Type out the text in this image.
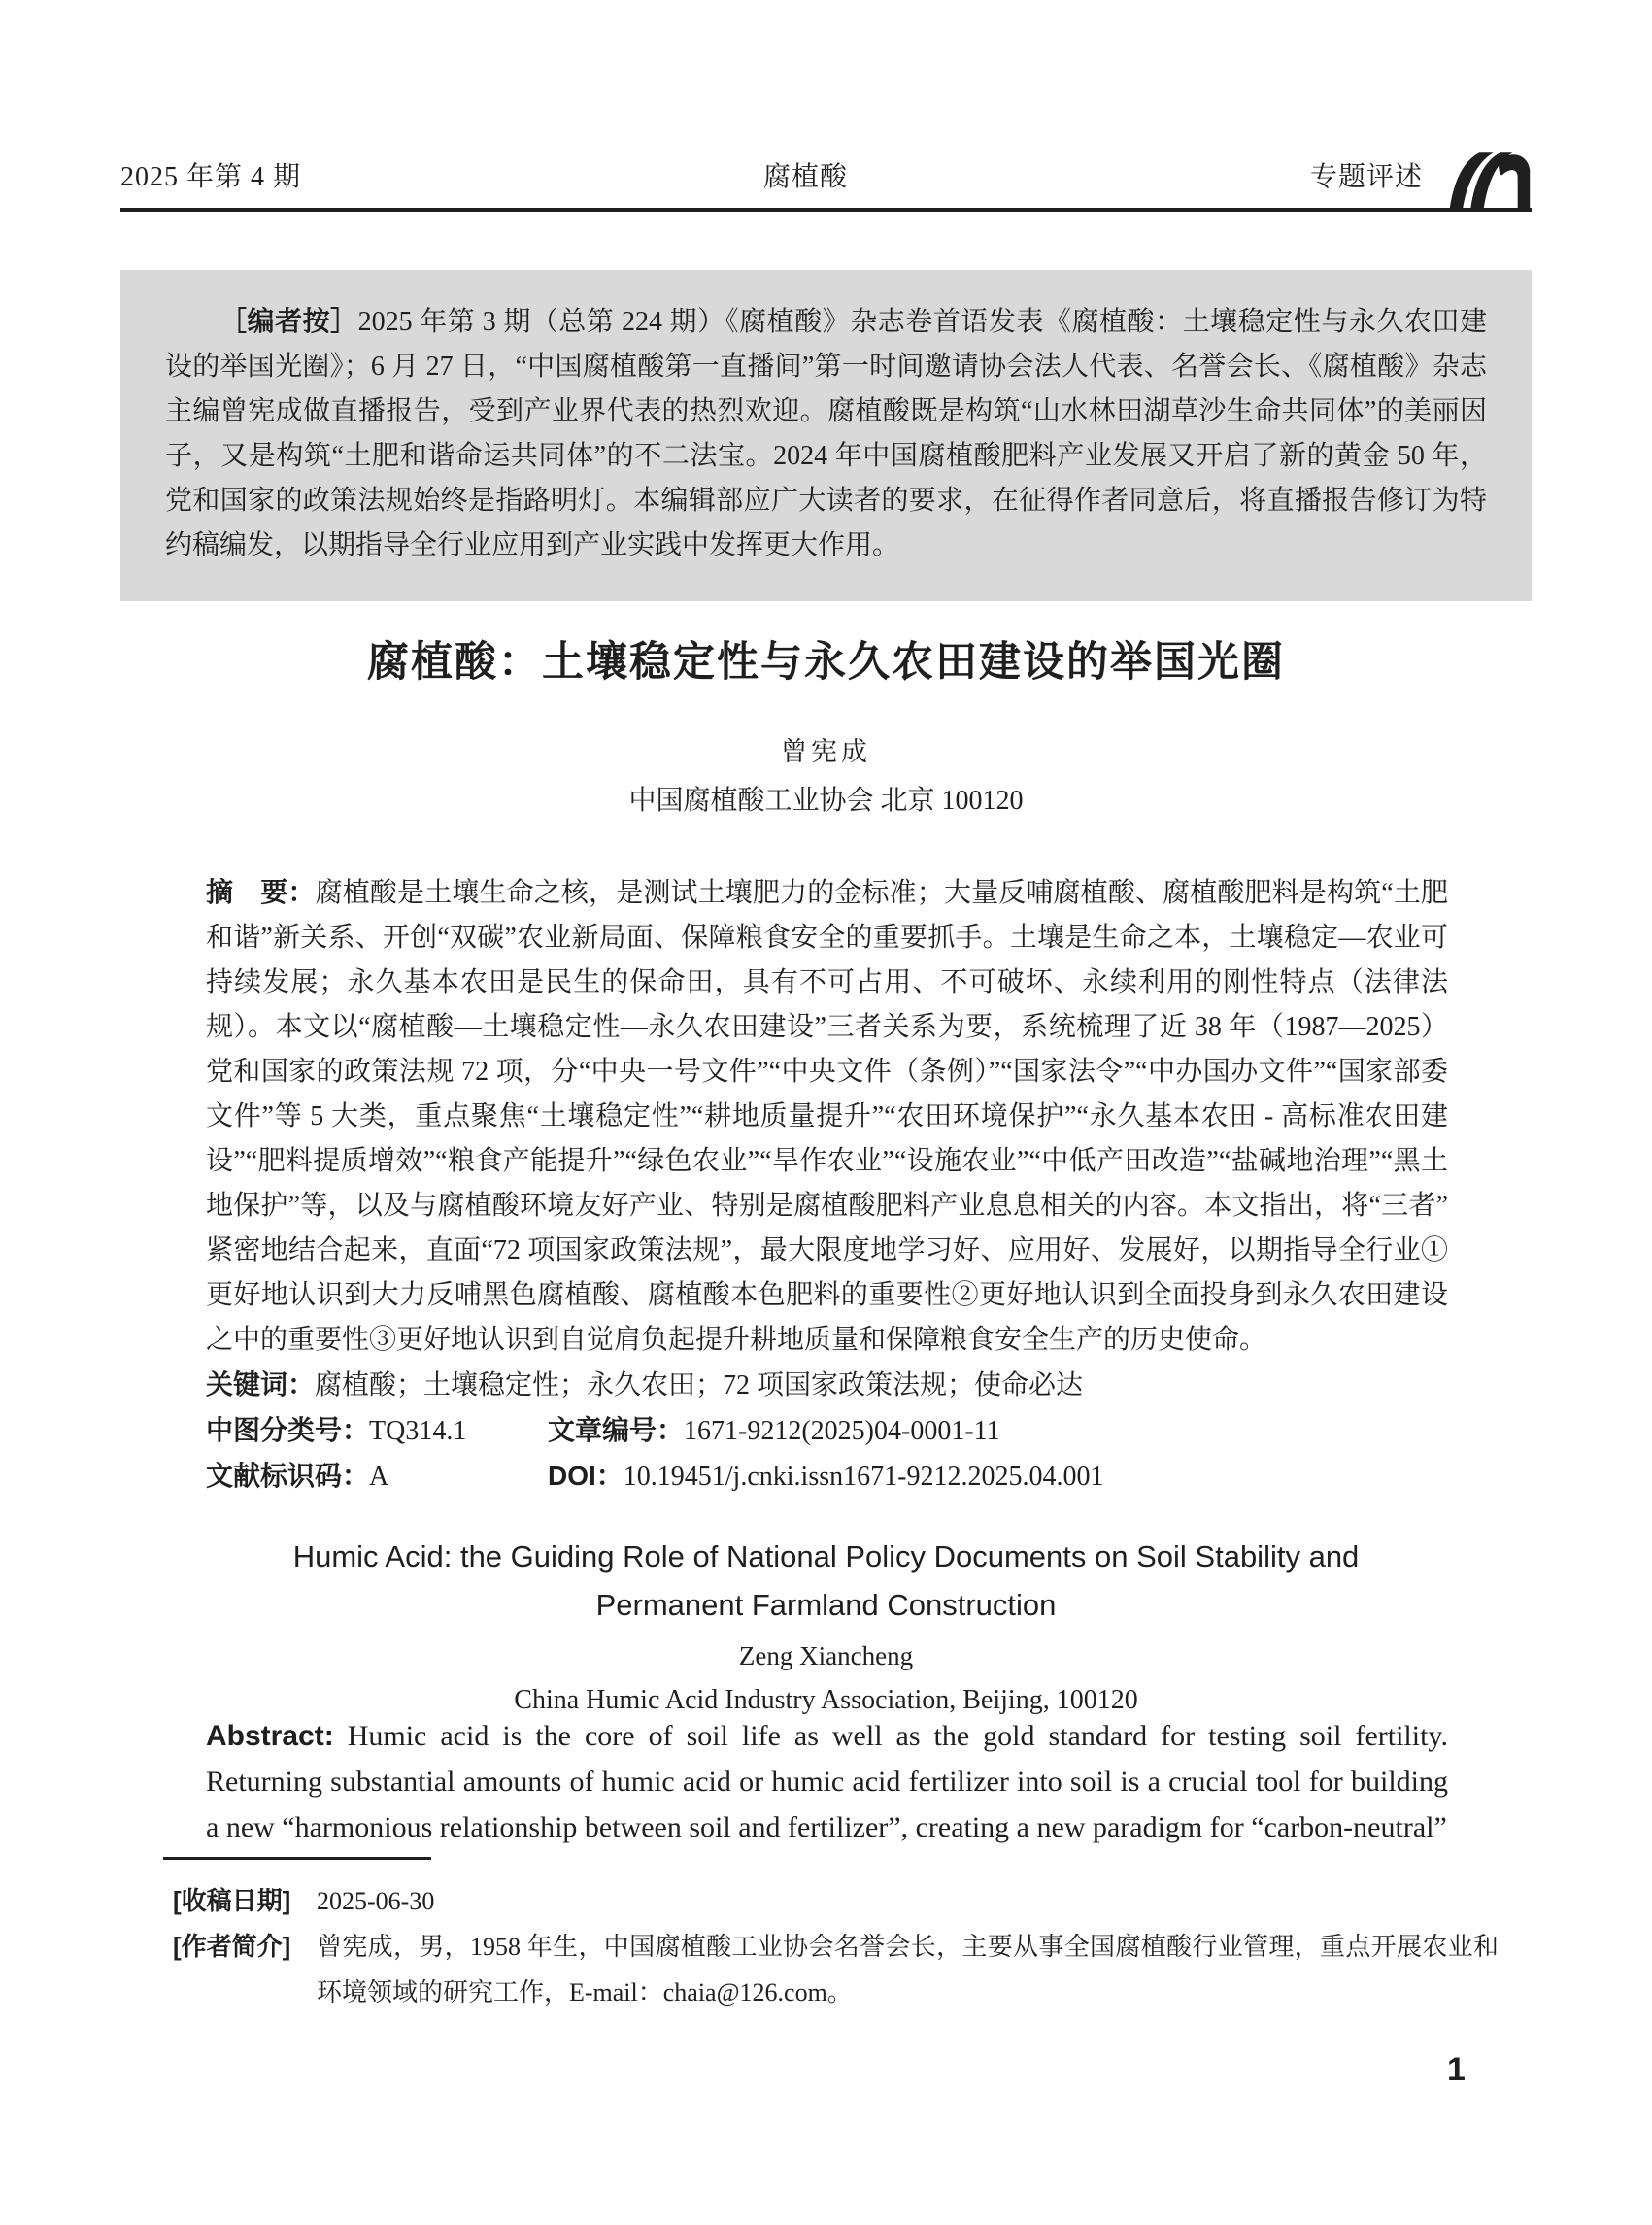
2025 年第 4 期	腐植酸	专题评述

［编者按］2025 年第 3 期（总第 224 期）《腐植酸》杂志卷首语发表《腐植酸：土壤稳定性与永久农田建设的举国光圈》；6 月 27 日，“中国腐植酸第一直播间”第一时间邀请协会法人代表、名誉会长、《腐植酸》杂志主编曾宪成做直播报告，受到产业界代表的热烈欢迎。腐植酸既是构筑“山水林田湖草沙生命共同体”的美丽因子，又是构筑“土肥和谐命运共同体”的不二法宝。2024 年中国腐植酸肥料产业发展又开启了新的黄金 50 年，党和国家的政策法规始终是指路明灯。本编辑部应广大读者的要求，在征得作者同意后，将直播报告修订为特约稿编发，以期指导全行业应用到产业实践中发挥更大作用。

腐植酸：土壤稳定性与永久农田建设的举国光圈
曾宪成
中国腐植酸工业协会 北京 100120

摘　要：腐植酸是土壤生命之核，是测试土壤肥力的金标准；大量反哺腐植酸、腐植酸肥料是构筑“土肥和谐”新关系、开创“双碳”农业新局面、保障粮食安全的重要抓手。土壤是生命之本，土壤稳定—农业可持续发展；永久基本农田是民生的保命田，具有不可占用、不可破坏、永续利用的刚性特点（法律法规）。本文以“腐植酸—土壤稳定性—永久农田建设”三者关系为要，系统梳理了近 38 年（1987—2025）党和国家的政策法规 72 项，分“中央一号文件”“中央文件（条例）”“国家法令”“中办国办文件”“国家部委文件”等 5 大类，重点聚焦“土壤稳定性”“耕地质量提升”“农田环境保护”“永久基本农田 - 高标准农田建设”“肥料提质增效”“粮食产能提升”“绿色农业”“旱作农业”“设施农业”“中低产田改造”“盐碱地治理”“黑土地保护”等，以及与腐植酸环境友好产业、特别是腐植酸肥料产业息息相关的内容。本文指出，将“三者”紧密地结合起来，直面“72 项国家政策法规”，最大限度地学习好、应用好、发展好，以期指导全行业①更好地认识到大力反哺黑色腐植酸、腐植酸本色肥料的重要性②更好地认识到全面投身到永久农田建设之中的重要性③更好地认识到自觉肩负起提升耕地质量和保障粮食安全生产的历史使命。

关键词：腐植酸；土壤稳定性；永久农田；72 项国家政策法规；使命必达

中图分类号：TQ314.1	文章编号：1671-9212(2025)04-0001-11

文献标识码：A	DOI：10.19451/j.cnki.issn1671-9212.2025.04.001

Humic Acid: the Guiding Role of National Policy Documents on Soil Stability and
Permanent Farmland Construction
Zeng Xiancheng
China Humic Acid Industry Association, Beijing, 100120

Abstract: Humic acid is the core of soil life as well as the gold standard for testing soil fertility. Returning substantial amounts of humic acid or humic acid fertilizer into soil is a crucial tool for building a new “harmonious relationship between soil and fertilizer”, creating a new paradigm for “carbon-neutral”

[收稿日期] 2025-06-30

[作者简介] 曾宪成，男，1958 年生，中国腐植酸工业协会名誉会长，主要从事全国腐植酸行业管理，重点开展农业和环境领域的研究工作，E-mail：chaia@126.com。

1
